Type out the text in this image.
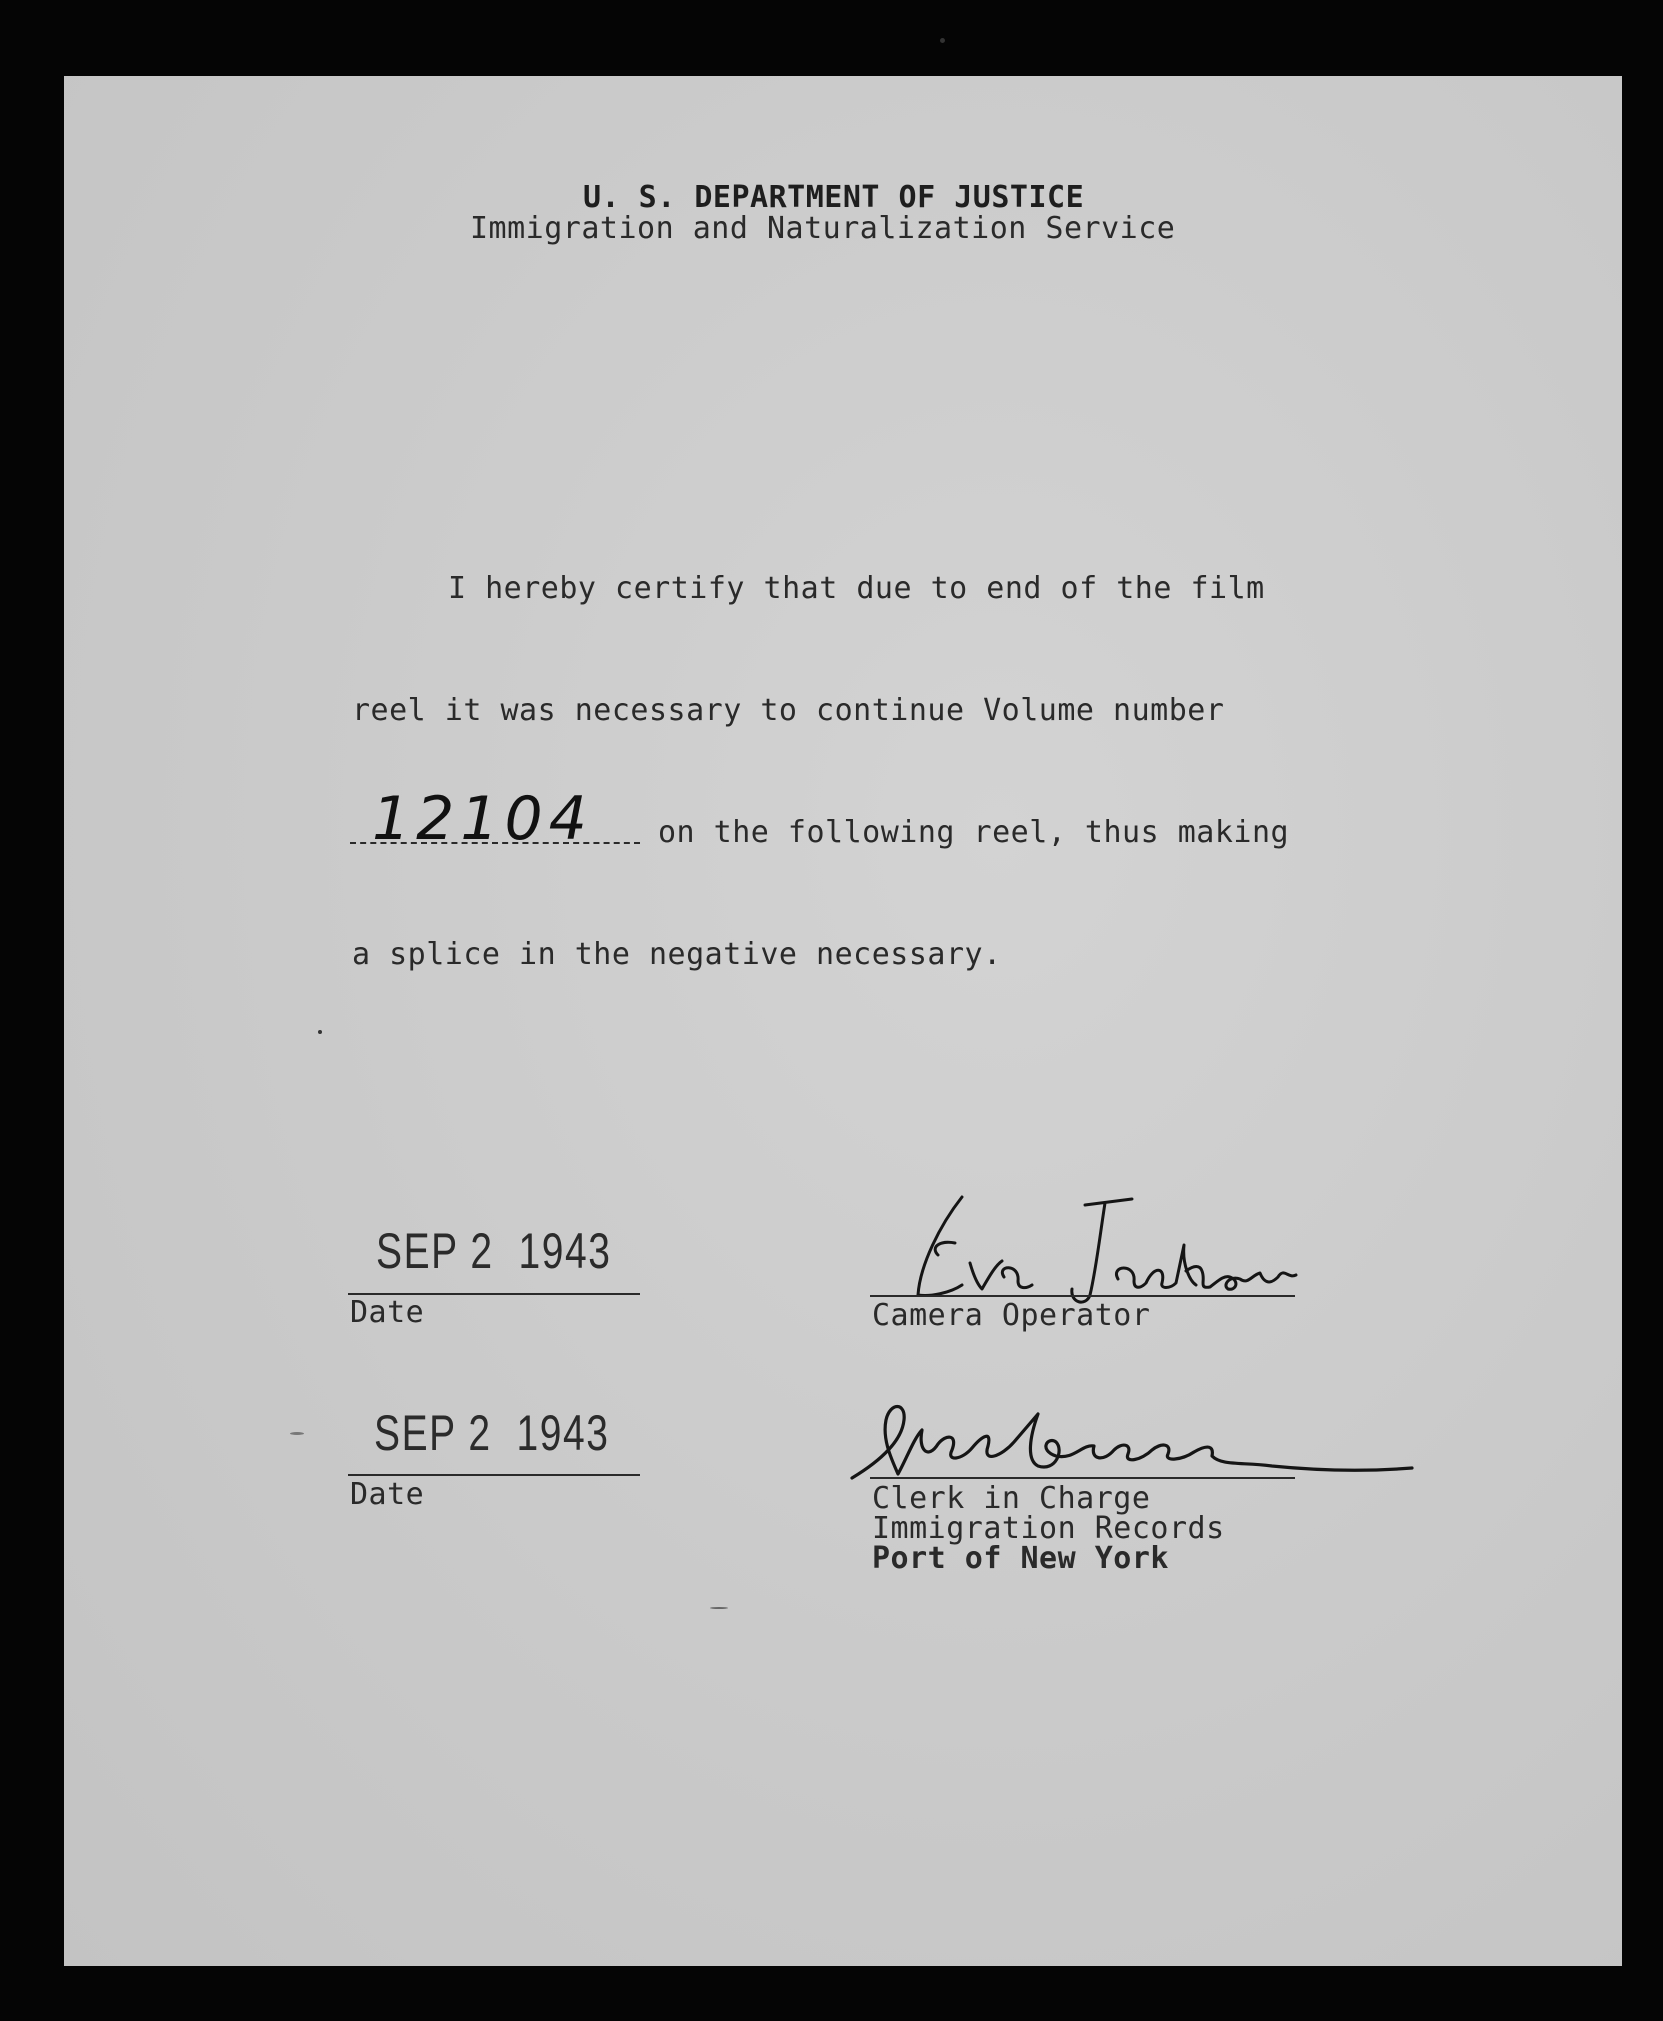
U. S. DEPARTMENT OF JUSTICE
Immigration and Naturalization Service
I hereby certify that due to end of the film
reel it was necessary to continue Volume number
12104 on the following reel, thus making
a splice in the negative necessary.
SEP 2  1943
Date	Camera Operator
SEP 2  1943
Date	Clerk in Charge
Immigration Records
Port of New York
